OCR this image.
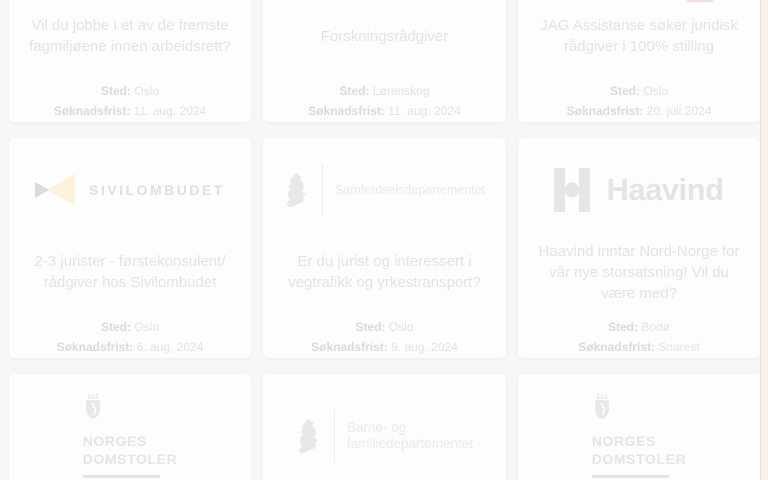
Vil du jobbe i et av de fremste fagmiljøene innen arbeidsrett?

Sted: Oslo

Søknadsfrist: 11. aug. 2024

Forskningsrådgiver

Sted: Lørenskog

Søknadsfrist: 11. aug. 2024

JAG Assistanse søker juridisk rådgiver i 100% stilling

Sted: Oslo

Søknadsfrist: 20. juli 2024

SIVILOMBUDET
2-3 jurister - førstekonsulent/ rådgiver hos Sivilombudet

Sted: Oslo

Søknadsfrist: 6. aug. 2024

Samferdselsdepartementet
Er du jurist og interessert i vegtrafikk og yrkestransport?

Sted: Oslo

Søknadsfrist: 9. aug. 2024

Haavind
Haavind inntar Nord-Norge for vår nye storsatsning! Vil du være med?

Sted: Bodø

Søknadsfrist: Snarest

NORGES
DOMSTOLER
Barne- og
familiedepartementet	NORGES
DOMSTOLER
